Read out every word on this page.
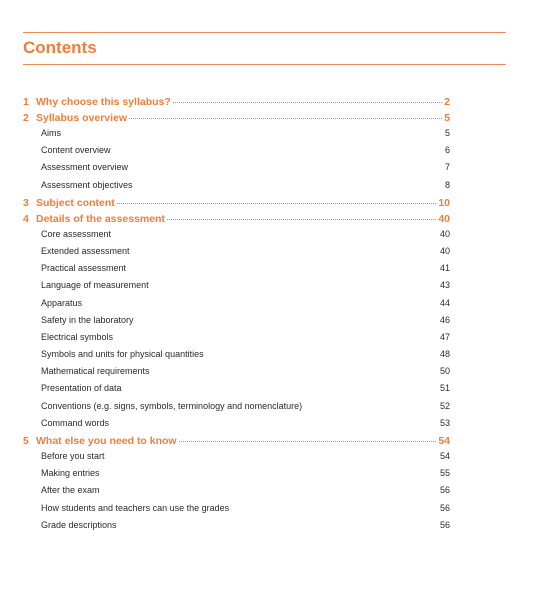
Contents
1 Why choose this syllabus?	2
2 Syllabus overview	5
Aims	5
Content overview	6
Assessment overview	7
Assessment objectives	8
3 Subject content	10
4 Details of the assessment	40
Core assessment	40
Extended assessment	40
Practical assessment	41
Language of measurement	43
Apparatus	44
Safety in the laboratory	46
Electrical symbols	47
Symbols and units for physical quantities	48
Mathematical requirements	50
Presentation of data	51
Conventions (e.g. signs, symbols, terminology and nomenclature)	52
Command words	53
5 What else you need to know	54
Before you start	54
Making entries	55
After the exam	56
How students and teachers can use the grades	56
Grade descriptions	56
